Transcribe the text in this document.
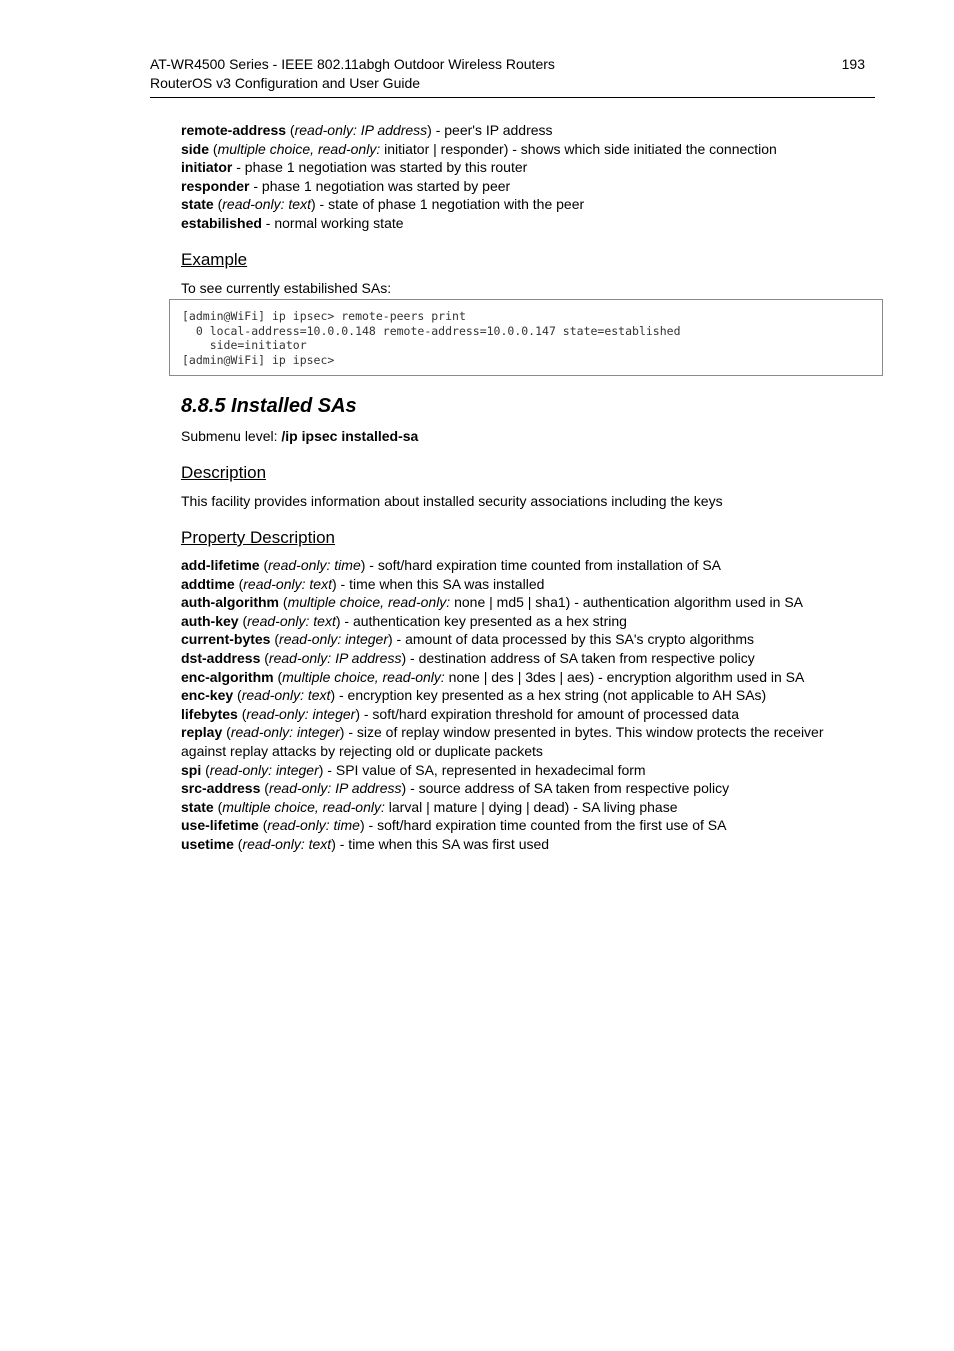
AT-WR4500 Series - IEEE 802.11abgh Outdoor Wireless Routers
RouterOS v3 Configuration and User Guide
193

remote-address (read-only: IP address) - peer's IP address

side (multiple choice, read-only: initiator | responder) - shows which side initiated the connection

initiator - phase 1 negotiation was started by this router

responder - phase 1 negotiation was started by peer

state (read-only: text) - state of phase 1 negotiation with the peer

estabilished - normal working state

Example

To see currently estabilished SAs:

[admin@WiFi] ip ipsec> remote-peers print
0 local-address=10.0.0.148 remote-address=10.0.0.147 state=established
side=initiator
[admin@WiFi] ip ipsec>

8.8.5 Installed SAs

Submenu level: /ip ipsec installed-sa

Description

This facility provides information about installed security associations including the keys

Property Description

add-lifetime (read-only: time) - soft/hard expiration time counted from installation of SA

addtime (read-only: text) - time when this SA was installed

auth-algorithm (multiple choice, read-only: none | md5 | sha1) - authentication algorithm used in SA

auth-key (read-only: text) - authentication key presented as a hex string

current-bytes (read-only: integer) - amount of data processed by this SA's crypto algorithms

dst-address (read-only: IP address) - destination address of SA taken from respective policy

enc-algorithm (multiple choice, read-only: none | des | 3des | aes) - encryption algorithm used in SA

enc-key (read-only: text) - encryption key presented as a hex string (not applicable to AH SAs)

lifebytes (read-only: integer) - soft/hard expiration threshold for amount of processed data

replay (read-only: integer) - size of replay window presented in bytes. This window protects the receiver against replay attacks by rejecting old or duplicate packets

spi (read-only: integer) - SPI value of SA, represented in hexadecimal form

src-address (read-only: IP address) - source address of SA taken from respective policy

state (multiple choice, read-only: larval | mature | dying | dead) - SA living phase

use-lifetime (read-only: time) - soft/hard expiration time counted from the first use of SA

usetime (read-only: text) - time when this SA was first used
